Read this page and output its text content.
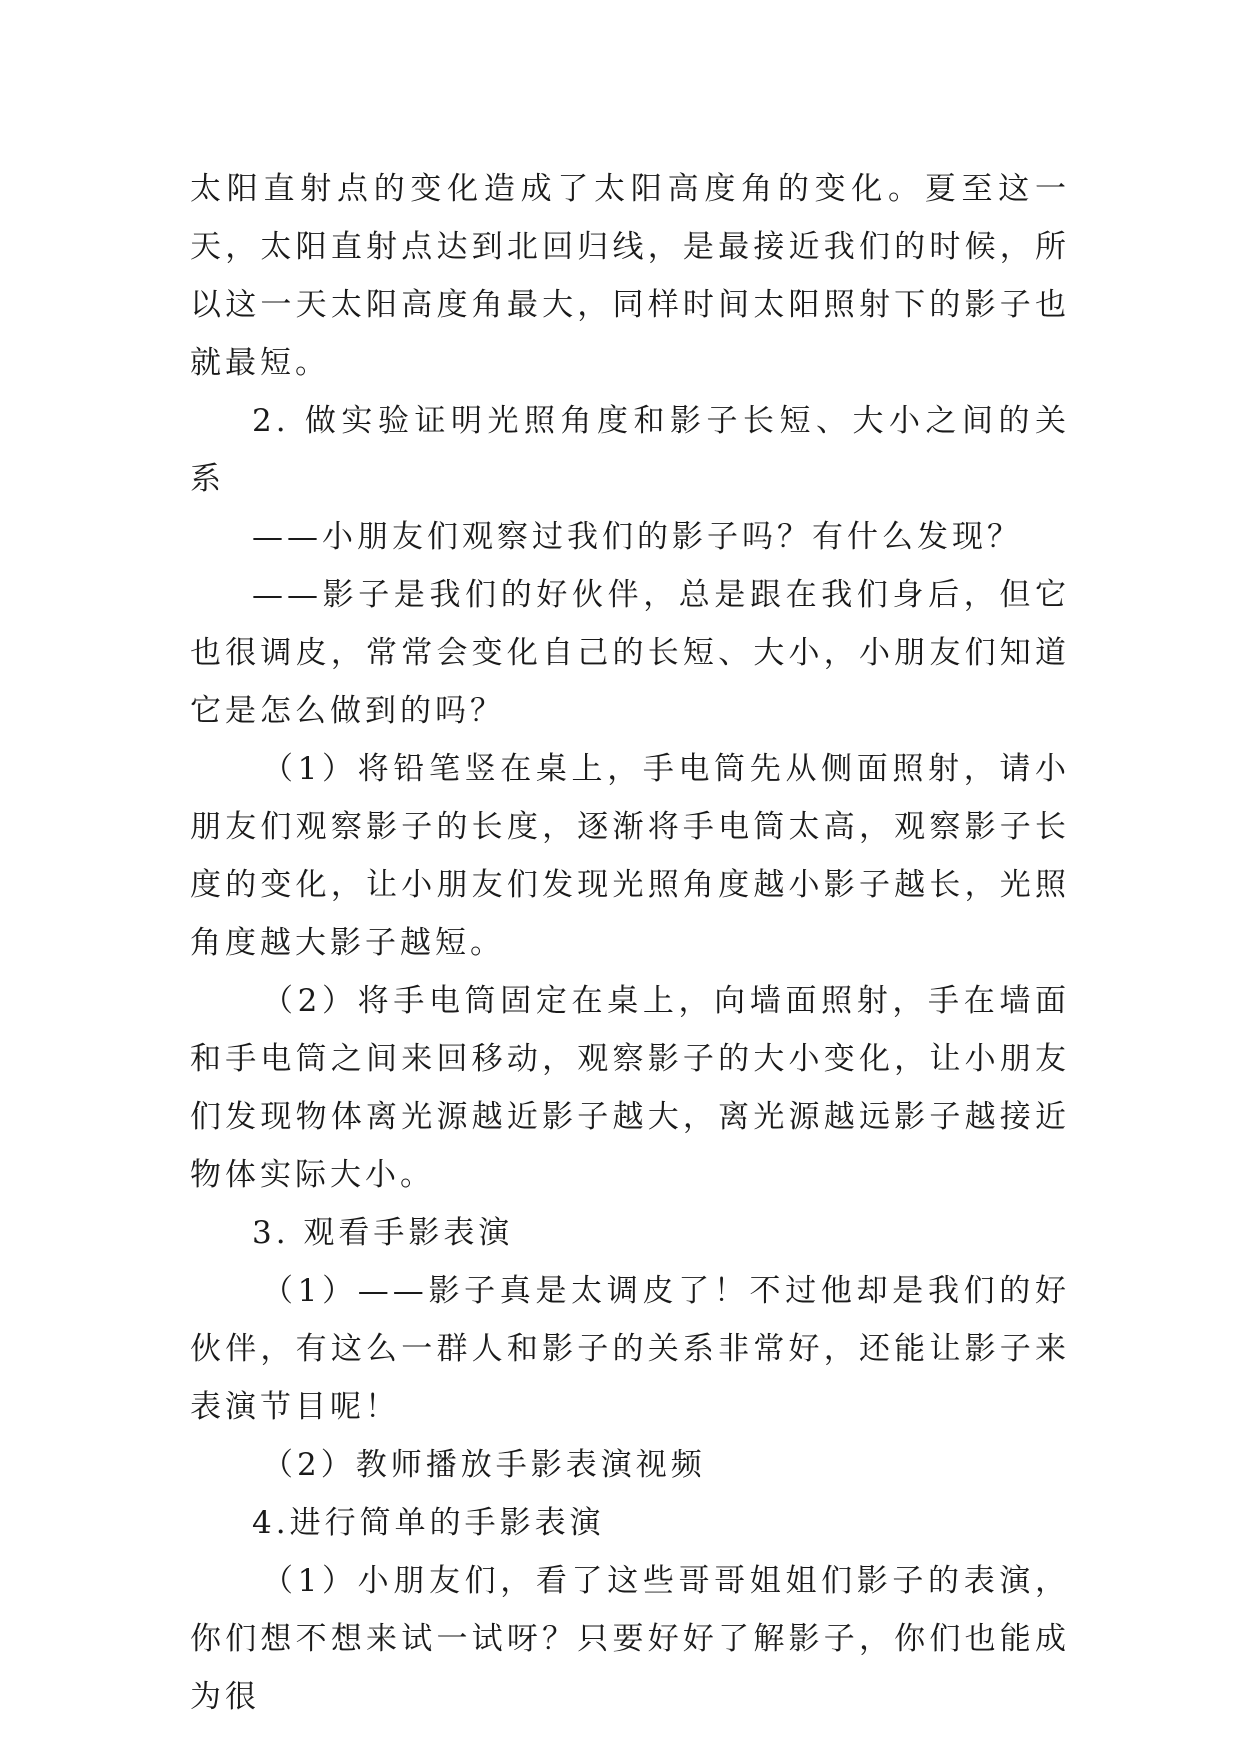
太阳直射点的变化造成了太阳高度角的变化。夏至这一天，太阳直射点达到北回归线，是最接近我们的时候，所以这一天太阳高度角最大，同样时间太阳照射下的影子也就最短。

2. 做实验证明光照角度和影子长短、大小之间的关系

——小朋友们观察过我们的影子吗？有什么发现？

——影子是我们的好伙伴，总是跟在我们身后，但它也很调皮，常常会变化自己的长短、大小，小朋友们知道它是怎么做到的吗？

（1）将铅笔竖在桌上，手电筒先从侧面照射，请小朋友们观察影子的长度，逐渐将手电筒太高，观察影子长度的变化，让小朋友们发现光照角度越小影子越长，光照角度越大影子越短。

（2）将手电筒固定在桌上，向墙面照射，手在墙面和手电筒之间来回移动，观察影子的大小变化，让小朋友们发现物体离光源越近影子越大，离光源越远影子越接近物体实际大小。

3. 观看手影表演

（1）——影子真是太调皮了！不过他却是我们的好伙伴，有这么一群人和影子的关系非常好，还能让影子来表演节目呢！

（2）教师播放手影表演视频

4.进行简单的手影表演

（1）小朋友们，看了这些哥哥姐姐们影子的表演，你们想不想来试一试呀？只要好好了解影子，你们也能成为很
